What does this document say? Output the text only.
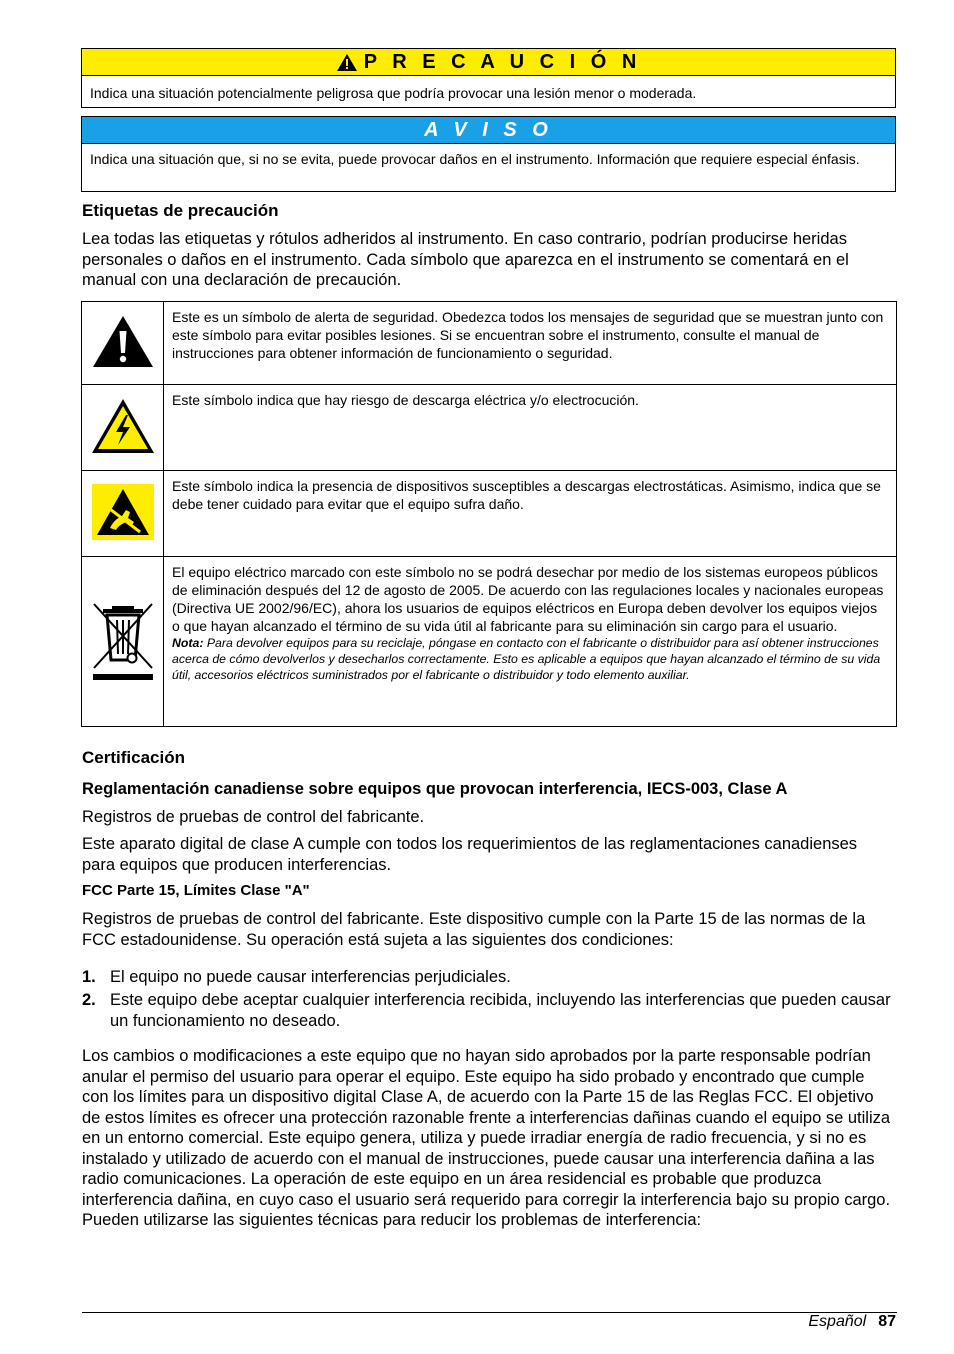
P R E C A U C I Ó N
Indica una situación potencialmente peligrosa que podría provocar una lesión menor o moderada.
A V I S O
Indica una situación que, si no se evita, puede provocar daños en el instrumento. Información que requiere especial énfasis.
Etiquetas de precaución
Lea todas las etiquetas y rótulos adheridos al instrumento. En caso contrario, podrían producirse heridas personales o daños en el instrumento. Cada símbolo que aparezca en el instrumento se comentará en el manual con una declaración de precaución.
	Este es un símbolo de alerta de seguridad. Obedezca todos los mensajes de seguridad que se muestran junto con este símbolo para evitar posibles lesiones. Si se encuentran sobre el instrumento, consulte el manual de instrucciones para obtener información de funcionamiento o seguridad.
	Este símbolo indica que hay riesgo de descarga eléctrica y/o electrocución.
	Este símbolo indica la presencia de dispositivos susceptibles a descargas electrostáticas. Asimismo, indica que se debe tener cuidado para evitar que el equipo sufra daño.

El equipo eléctrico marcado con este símbolo no se podrá desechar por medio de los sistemas europeos públicos de eliminación después del 12 de agosto de 2005. De acuerdo con las regulaciones locales y nacionales europeas (Directiva UE 2002/96/EC), ahora los usuarios de equipos eléctricos en Europa deben devolver los equipos viejos o que hayan alcanzado el término de su vida útil al fabricante para su eliminación sin cargo para el usuario.
Nota: Para devolver equipos para su reciclaje, póngase en contacto con el fabricante o distribuidor para así obtener instrucciones acerca de cómo devolverlos y desecharlos correctamente. Esto es aplicable a equipos que hayan alcanzado el término de su vida útil, accesorios eléctricos suministrados por el fabricante o distribuidor y todo elemento auxiliar.
Certificación
Reglamentación canadiense sobre equipos que provocan interferencia, IECS-003, Clase A
Registros de pruebas de control del fabricante.
Este aparato digital de clase A cumple con todos los requerimientos de las reglamentaciones canadienses para equipos que producen interferencias.
FCC Parte 15, Límites Clase "A"
Registros de pruebas de control del fabricante. Este dispositivo cumple con la Parte 15 de las normas de la FCC estadounidense. Su operación está sujeta a las siguientes dos condiciones:
1. El equipo no puede causar interferencias perjudiciales.
2. Este equipo debe aceptar cualquier interferencia recibida, incluyendo las interferencias que pueden causar un funcionamiento no deseado.
Los cambios o modificaciones a este equipo que no hayan sido aprobados por la parte responsable podrían anular el permiso del usuario para operar el equipo. Este equipo ha sido probado y encontrado que cumple con los límites para un dispositivo digital Clase A, de acuerdo con la Parte 15 de las Reglas FCC. El objetivo de estos límites es ofrecer una protección razonable frente a interferencias dañinas cuando el equipo se utiliza en un entorno comercial. Este equipo genera, utiliza y puede irradiar energía de radio frecuencia, y si no es instalado y utilizado de acuerdo con el manual de instrucciones, puede causar una interferencia dañina a las radio comunicaciones. La operación de este equipo en un área residencial es probable que produzca interferencia dañina, en cuyo caso el usuario será requerido para corregir la interferencia bajo su propio cargo. Pueden utilizarse las siguientes técnicas para reducir los problemas de interferencia:
Español 87
